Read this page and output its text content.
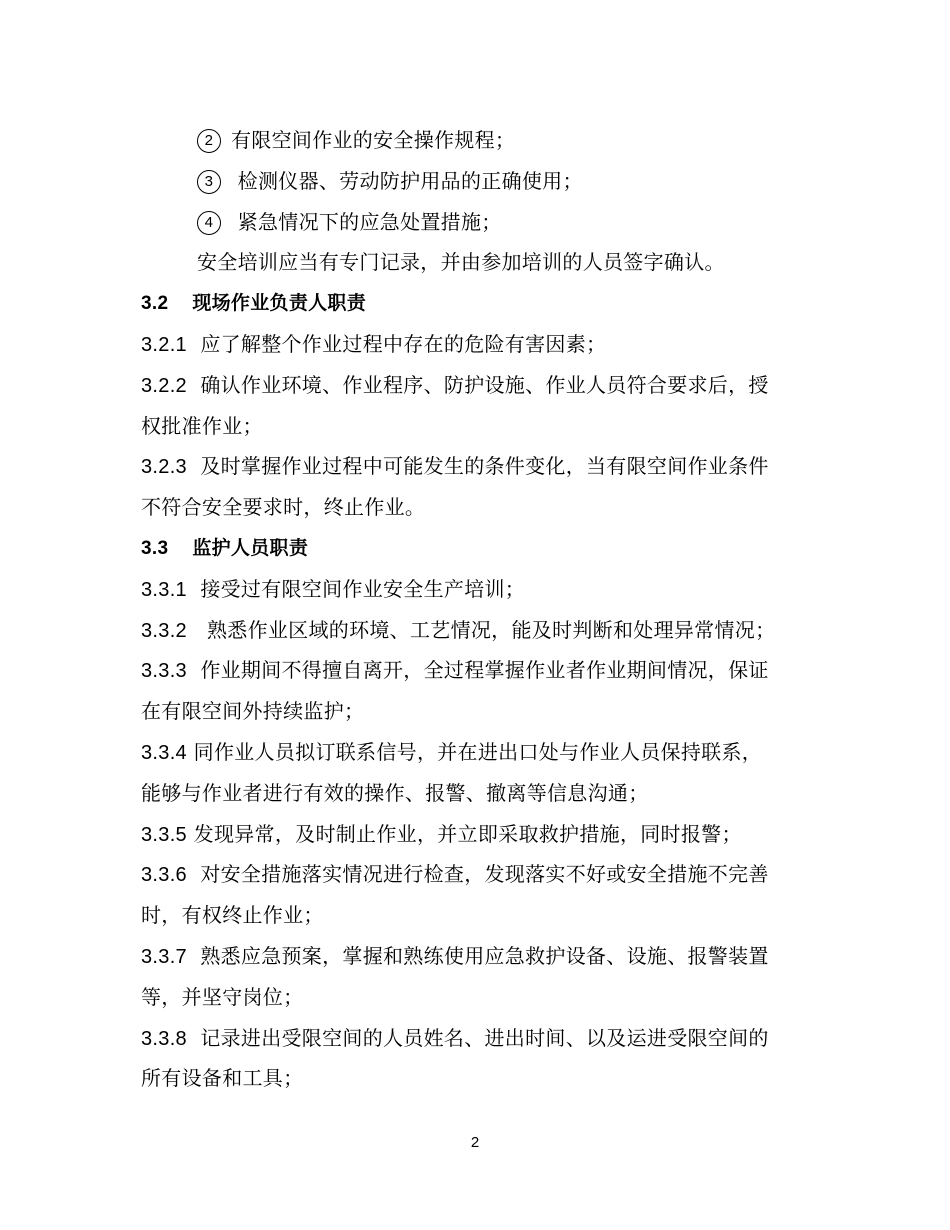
2 有限空间作业的安全操作规程；
3 检测仪器、劳动防护用品的正确使用；
4 紧急情况下的应急处置措施；
安全培训应当有专门记录，并由参加培训的人员签字确认。
3.2 现场作业负责人职责
3.2.1 应了解整个作业过程中存在的危险有害因素；
3.2.2 确认作业环境、作业程序、防护设施、作业人员符合要求后，授
权批准作业；
3.2.3 及时掌握作业过程中可能发生的条件变化，当有限空间作业条件
不符合安全要求时，终止作业。
3.3 监护人员职责
3.3.1 接受过有限空间作业安全生产培训；
3.3.2 熟悉作业区域的环境、工艺情况，能及时判断和处理异常情况；
3.3.3 作业期间不得擅自离开，全过程掌握作业者作业期间情况，保证
在有限空间外持续监护；
3.3.4 同作业人员拟订联系信号，并在进出口处与作业人员保持联系，
能够与作业者进行有效的操作、报警、撤离等信息沟通；
3.3.5 发现异常，及时制止作业，并立即采取救护措施，同时报警；
3.3.6 对安全措施落实情况进行检查，发现落实不好或安全措施不完善
时，有权终止作业；
3.3.7 熟悉应急预案，掌握和熟练使用应急救护设备、设施、报警装置
等，并坚守岗位；
3.3.8 记录进出受限空间的人员姓名、进出时间、以及运进受限空间的
所有设备和工具；
2
